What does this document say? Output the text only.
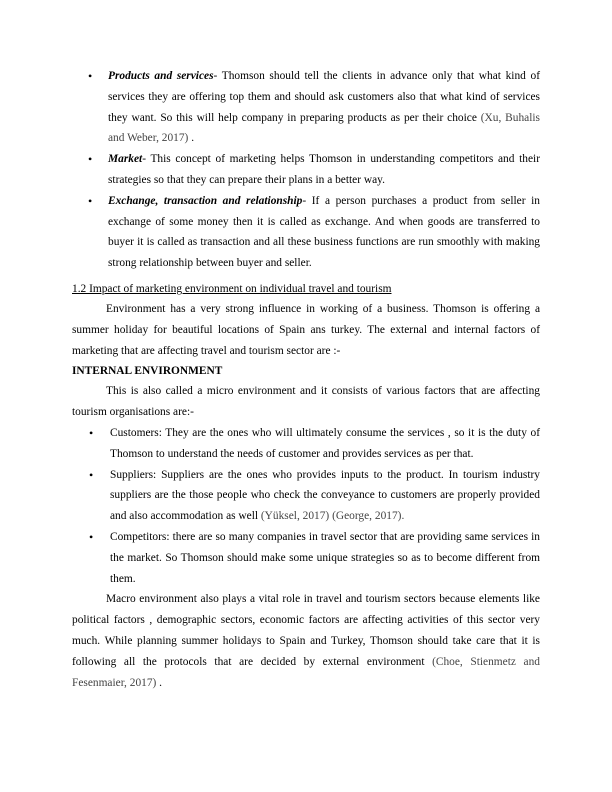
• Products and services- Thomson should tell the clients in advance only that what kind of services they are offering top them and should ask customers also that what kind of services they want. So this will help company in preparing products as per their choice (Xu, Buhalis and Weber, 2017) .
• Market- This concept of marketing helps Thomson in understanding competitors and their strategies so that they can prepare their plans in a better way.
• Exchange, transaction and relationship- If a person purchases a product from seller in exchange of some money then it is called as exchange. And when goods are transferred to buyer it is called as transaction and all these business functions are run smoothly with making strong relationship between buyer and seller.
1.2 Impact of marketing environment on individual travel and tourism
Environment has a very strong influence in working of a business. Thomson is offering a summer holiday for beautiful locations of Spain ans turkey. The external and internal factors of marketing that are affecting travel and tourism sector are :-
INTERNAL ENVIRONMENT
This is also called a micro environment and it consists of various factors that are affecting tourism organisations are:-
• Customers: They are the ones who will ultimately consume the services , so it is the duty of Thomson to understand the needs of customer and provides services as per that.
• Suppliers: Suppliers are the ones who provides inputs to the product. In tourism industry suppliers are the those people who check the conveyance to customers are properly provided and also accommodation as well (Yüksel, 2017) (George, 2017).
• Competitors: there are so many companies in travel sector that are providing same services in the market. So Thomson should make some unique strategies so as to become different from them.
Macro environment also plays a vital role in travel and tourism sectors because elements like political factors , demographic sectors, economic factors are affecting activities of this sector very much. While planning summer holidays to Spain and Turkey, Thomson should take care that it is following all the protocols that are decided by external environment (Choe, Stienmetz and Fesenmaier, 2017) .
